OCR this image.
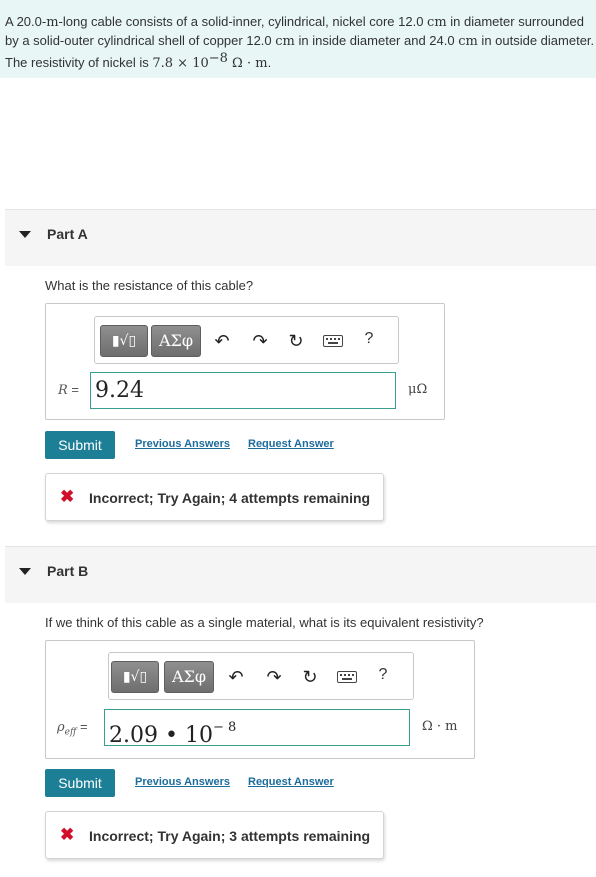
A 20.0-m-long cable consists of a solid-inner, cylindrical, nickel core 12.0 cm in diameter surrounded
by a solid-outer cylindrical shell of copper 12.0 cm in inside diameter and 24.0 cm in outside diameter.
The resistivity of nickel is $7.8 \times 10^{-8}$ Ω · m.
Part A
What is the resistance of this cable?
▮√▯	ΑΣφ	↶ ↷ ↻	?
R = 9.24	μΩ
Submit	Previous Answers Request Answer
✖ Incorrect; Try Again; 4 attempts remaining
Part B
If we think of this cable as a single material, what is its equivalent resistivity?
▮√▯	ΑΣφ	↶ ↷ ↻	?
$\rho_{eff} = 2.09$ • $10^{- 8}$	Ω · m
Submit	Previous Answers Request Answer
✖ Incorrect; Try Again; 3 attempts remaining
